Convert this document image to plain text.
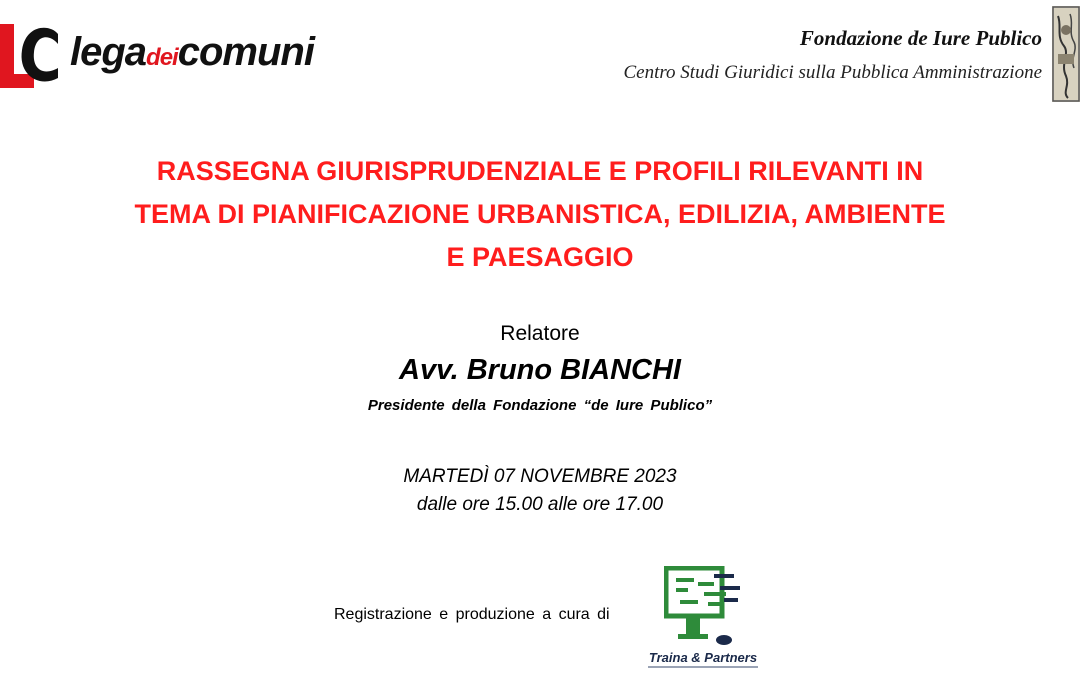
legadeicomuni	Fondazione de Iure Publico
Centro Studi Giuridici sulla Pubblica Amministrazione
RASSEGNA GIURISPRUDENZIALE E PROFILI RILEVANTI IN
TEMA DI PIANIFICAZIONE URBANISTICA, EDILIZIA, AMBIENTE
E PAESAGGIO
Relatore
Avv. Bruno BIANCHI
Presidente della Fondazione “de Iure Publico”
MARTEDÌ 07 NOVEMBRE 2023
dalle ore 15.00 alle ore 17.00
Registrazione e produzione a cura di
Traina & Partners
